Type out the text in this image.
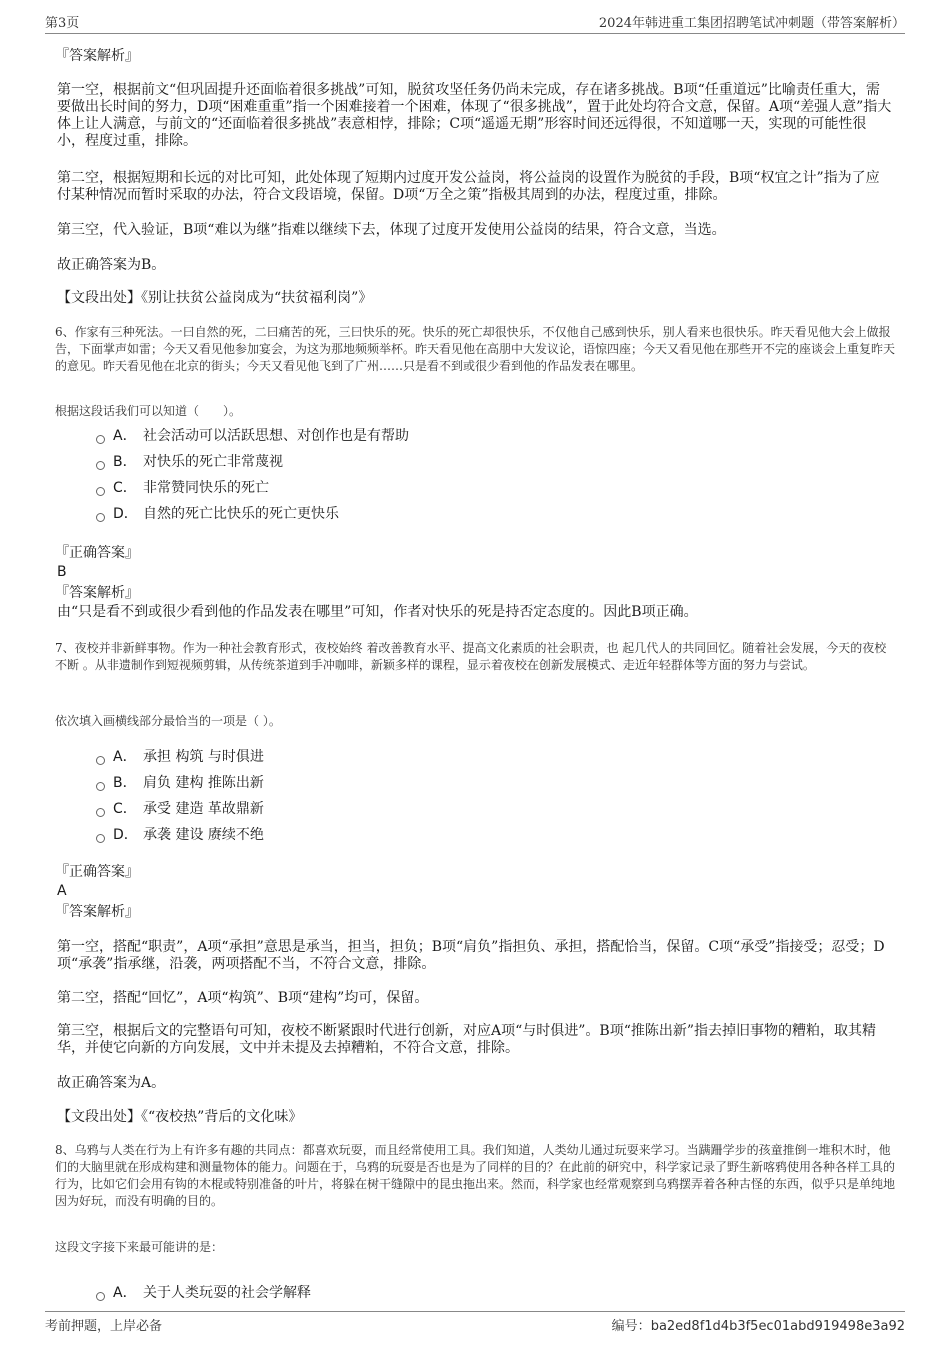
第3页	2024年韩进重工集团招聘笔试冲刺题（带答案解析）
『答案解析』

第一空，根据前文“但巩固提升还面临着很多挑战”可知，脱贫攻坚任务仍尚未完成，存在诸多挑战。B项“任重道远”比喻责任重大，需要做出长时间的努力，D项“困难重重”指一个困难接着一个困难，体现了“很多挑战”，置于此处均符合文意，保留。A项“差强人意”指大体上让人满意，与前文的“还面临着很多挑战”表意相悖，排除；C项“遥遥无期”形容时间还远得很，不知道哪一天，实现的可能性很小，程度过重，排除。

第二空，根据短期和长远的对比可知，此处体现了短期内过度开发公益岗，将公益岗的设置作为脱贫的手段，B项“权宜之计”指为了应付某种情况而暂时采取的办法，符合文段语境，保留。D项“万全之策”指极其周到的办法，程度过重，排除。

第三空，代入验证，B项“难以为继”指难以继续下去，体现了过度开发使用公益岗的结果，符合文意，当选。

故正确答案为B。

【文段出处】《别让扶贫公益岗成为“扶贫福利岗”》

6、作家有三种死法。一曰自然的死，二曰痛苦的死，三曰快乐的死。快乐的死亡却很快乐，不仅他自己感到快乐，别人看来也很快乐。昨天看见他大会上做报告，下面掌声如雷；今天又看见他参加宴会，为这为那地频频举杯。昨天看见他在高朋中大发议论，语惊四座；今天又看见他在那些开不完的座谈会上重复昨天的意见。昨天看见他在北京的街头；今天又看见他飞到了广州……只是看不到或很少看到他的作品发表在哪里。

根据这段话我们可以知道（　　）。

A． 社会活动可以活跃思想、对创作也是有帮助
B． 对快乐的死亡非常蔑视
C． 非常赞同快乐的死亡
D． 自然的死亡比快乐的死亡更快乐
『正确答案』
B
『答案解析』

由“只是看不到或很少看到他的作品发表在哪里”可知，作者对快乐的死是持否定态度的。因此B项正确。

7、夜校并非新鲜事物。作为一种社会教育形式，夜校始终 着改善教育水平、提高文化素质的社会职责，也 起几代人的共同回忆。随着社会发展，今天的夜校不断 。从非遗制作到短视频剪辑，从传统茶道到手冲咖啡，新颖多样的课程，显示着夜校在创新发展模式、走近年轻群体等方面的努力与尝试。

依次填入画横线部分最恰当的一项是（ ）。

A． 承担 构筑 与时俱进
B． 肩负 建构 推陈出新
C． 承受 建造 革故鼎新
D． 承袭 建设 赓续不绝
『正确答案』
A
『答案解析』

第一空，搭配“职责”，A项“承担”意思是承当，担当，担负；B项“肩负”指担负、承担，搭配恰当，保留。C项“承受”指接受；忍受；D项“承袭”指承继，沿袭，两项搭配不当，不符合文意，排除。

第二空，搭配“回忆”，A项“构筑”、B项“建构”均可，保留。

第三空，根据后文的完整语句可知，夜校不断紧跟时代进行创新，对应A项“与时俱进”。B项“推陈出新”指去掉旧事物的糟粕，取其精华，并使它向新的方向发展，文中并未提及去掉糟粕，不符合文意，排除。

故正确答案为A。

【文段出处】《“夜校热”背后的文化味》

8、乌鸦与人类在行为上有许多有趣的共同点：都喜欢玩耍，而且经常使用工具。我们知道，人类幼儿通过玩耍来学习。当蹒跚学步的孩童推倒一堆积木时，他们的大脑里就在形成构建和测量物体的能力。问题在于，乌鸦的玩耍是否也是为了同样的目的？在此前的研究中，科学家记录了野生新喀鸦使用各种各样工具的行为，比如它们会用有钩的木棍或特别准备的叶片，将躲在树干缝隙中的昆虫拖出来。然而，科学家也经常观察到乌鸦摆弄着各种古怪的东西，似乎只是单纯地因为好玩，而没有明确的目的。

这段文字接下来最可能讲的是：

A． 关于人类玩耍的社会学解释
考前押题，上岸必备	编号：ba2ed8f1d4b3f5ec01abd919498e3a92
